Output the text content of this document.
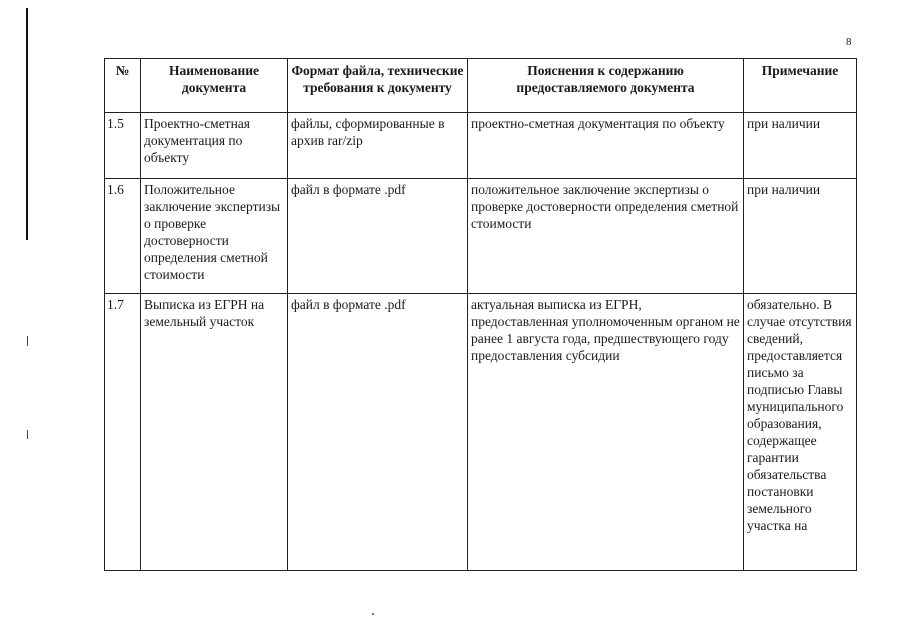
8
№	Наименование документа	Формат файла, технические требования к документу	Пояснения к содержанию предоставляемого документа	Примечание
1.5	Проектно-сметная документация по объекту	файлы, сформированные в архив rar/zip	проектно-сметная документация по объекту	при наличии
1.6	Положительное заключение экспертизы о проверке достоверности определения сметной стоимости	файл в формате .pdf	положительное заключение экспертизы о проверке достоверности определения сметной стоимости	при наличии
1.7	Выписка из ЕГРН на земельный участок	файл в формате .pdf	актуальная выписка из ЕГРН, предоставленная уполномоченным органом не ранее 1 августа года, предшествующего году предоставления субсидии	обязательно. В случае отсутствия сведений, предоставляется письмо за подписью Главы муниципального образования, содержащее гарантии обязательства постановки земельного участка на
